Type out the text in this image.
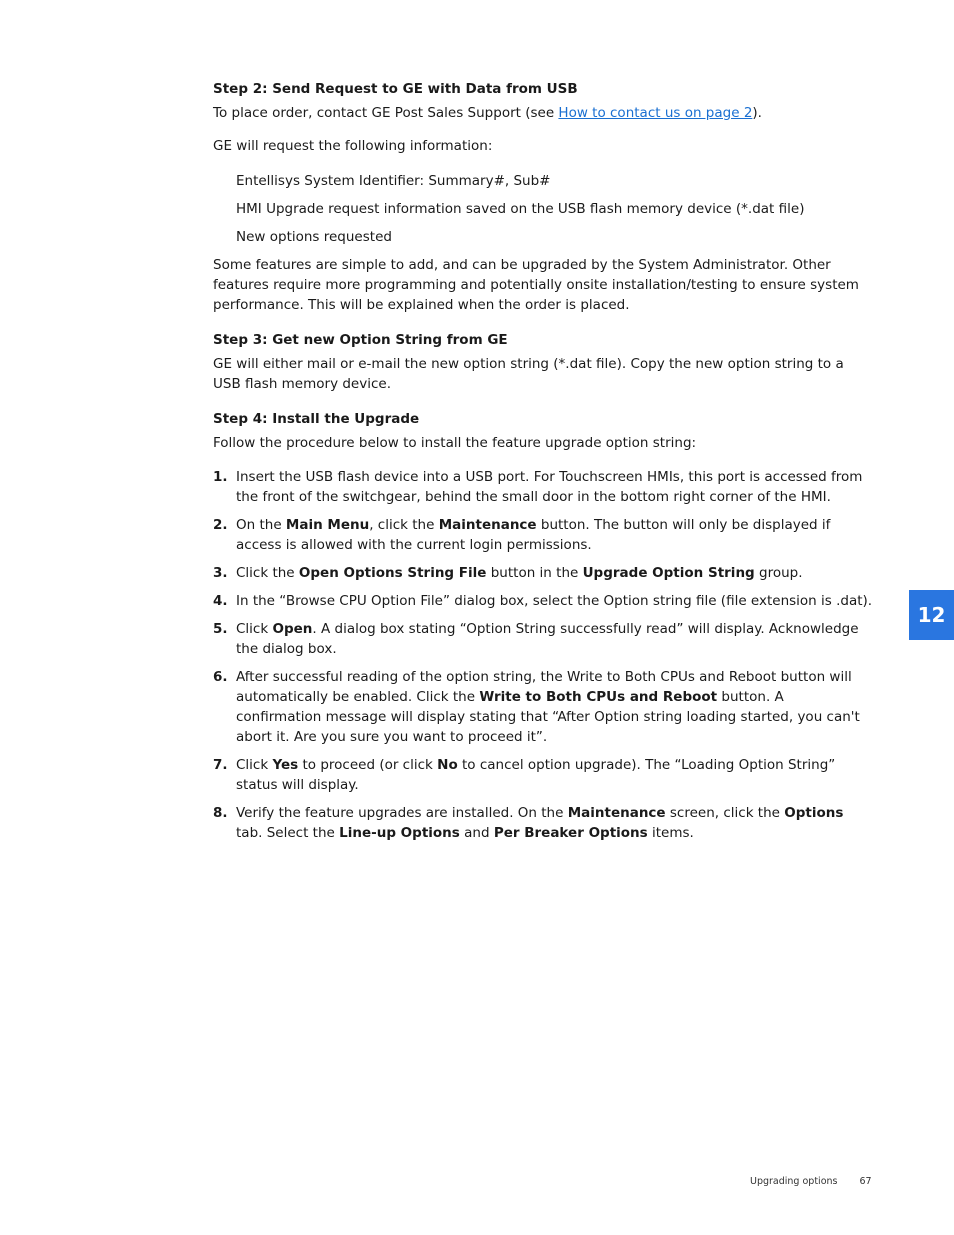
Step 2: Send Request to GE with Data from USB

To place order, contact GE Post Sales Support (see How to contact us on page 2).

GE will request the following information:

Entellisys System Identifier: Summary#, Sub#
HMI Upgrade request information saved on the USB flash memory device (*.dat file)
New options requested

Some features are simple to add, and can be upgraded by the System Administrator. Other features require more programming and potentially onsite installation/testing to ensure system performance. This will be explained when the order is placed.

Step 3: Get new Option String from GE

GE will either mail or e-mail the new option string (*.dat file). Copy the new option string to a USB flash memory device.

Step 4: Install the Upgrade

Follow the procedure below to install the feature upgrade option string:

1. Insert the USB flash device into a USB port. For Touchscreen HMIs, this port is accessed from the front of the switchgear, behind the small door in the bottom right corner of the HMI.
2. On the Main Menu, click the Maintenance button. The button will only be displayed if access is allowed with the current login permissions.
3. Click the Open Options String File button in the Upgrade Option String group.
4. In the “Browse CPU Option File” dialog box, select the Option string file (file extension is .dat).
5. Click Open. A dialog box stating “Option String successfully read” will display. Acknowledge the dialog box.
6. After successful reading of the option string, the Write to Both CPUs and Reboot button will automatically be enabled. Click the Write to Both CPUs and Reboot button. A confirmation message will display stating that “After Option string loading started, you can't abort it. Are you sure you want to proceed it”.
7. Click Yes to proceed (or click No to cancel option upgrade). The “Loading Option String” status will display.
8. Verify the feature upgrades are installed. On the Maintenance screen, click the Options tab. Select the Line-up Options and Per Breaker Options items.
12
Upgrading options 67
